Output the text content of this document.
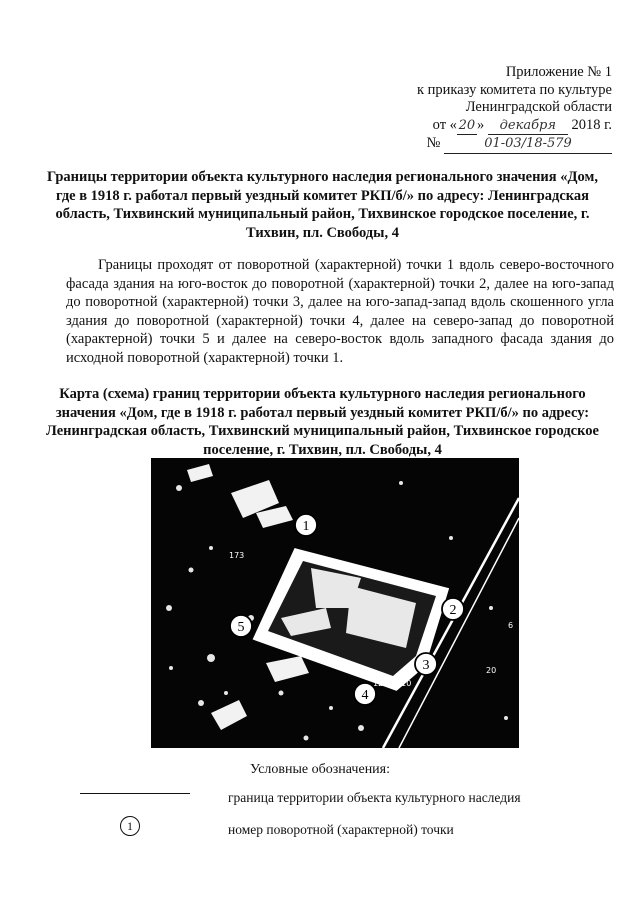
Приложение № 1
к приказу комитета по культуре
Ленинградской области
от « 20 » декабря 2018 г.
№	01-03/18-579
Границы территории объекта культурного наследия регионального значения «Дом, где в 1918 г. работал первый уездный комитет РКП/б/» по адресу: Ленинградская область, Тихвинский муниципальный район, Тихвинское городское поселение, г. Тихвин, пл. Свободы, 4
Границы проходят от поворотной (характерной) точки 1 вдоль северо-восточного фасада здания на юго-восток до поворотной (характерной) точки 2, далее на юго-запад до поворотной (характерной) точки 3, далее на юго-запад-запад вдоль скошенного угла здания до поворотной (характерной) точки 4, далее на северо-запад до поворотной (характерной) точки 5 и далее на северо-восток вдоль западного фасада здания до исходной поворотной (характерной) точки 1.
Карта (схема) границ территории объекта культурного наследия регионального значения «Дом, где в 1918 г. работал первый уездный комитет РКП/б/» по адресу: Ленинградская область, Тихвинский муниципальный район, Тихвинское городское поселение, г. Тихвин, пл. Свободы, 4
173
6
20
12:02010
1
2
3
4
5
Условные обозначения:
граница территории объекта культурного наследия
1	номер поворотной (характерной) точки
